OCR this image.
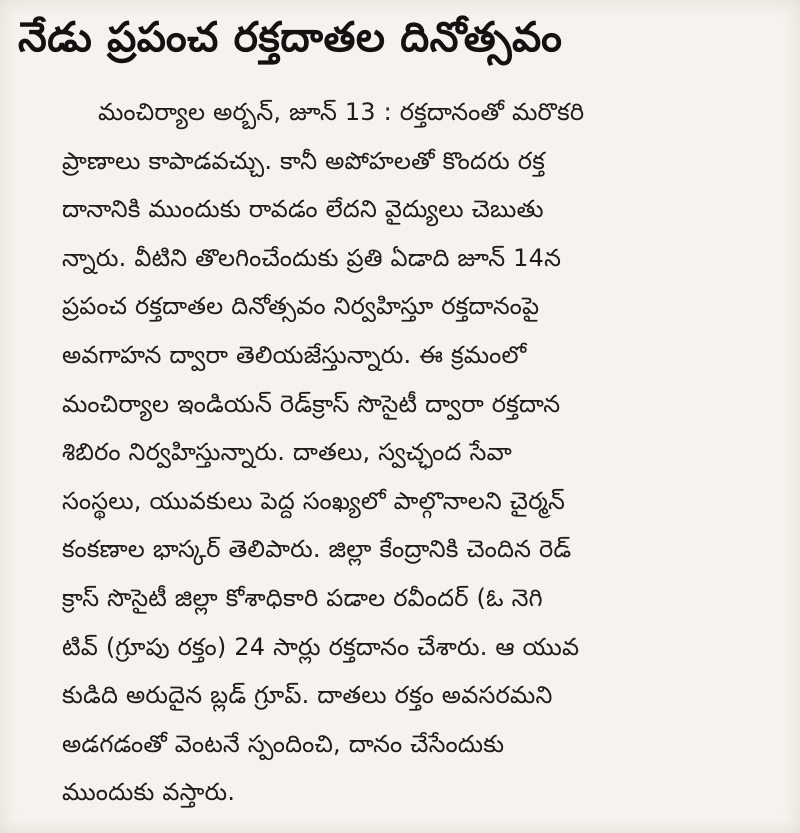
నేడు ప్రపంచ రక్తదాతల దినోత్సవం
మంచిర్యాల అర్బన్, జూన్ 13 : రక్తదానంతో మరొకరి
ప్రాణాలు కాపాడవచ్చు. కానీ అపోహలతో కొందరు రక్త
దానానికి ముందుకు రావడం లేదని వైద్యులు చెబుతు
న్నారు. వీటిని తొలగించేందుకు ప్రతి ఏడాది జూన్ 14న
ప్రపంచ రక్తదాతల దినోత్సవం నిర్వహిస్తూ రక్తదానంపై
అవగాహన ద్వారా తెలియజేస్తున్నారు. ఈ క్రమంలో
మంచిర్యాల ఇండియన్ రెడ్‌క్రాస్ సొసైటీ ద్వారా రక్తదాన
శిబిరం నిర్వహిస్తున్నారు. దాతలు, స్వచ్ఛంద సేవా
సంస్థలు, యువకులు పెద్ద సంఖ్యలో పాల్గొనాలని చైర్మన్
కంకణాల భాస్కర్ తెలిపారు. జిల్లా కేంద్రానికి చెందిన రెడ్
క్రాస్ సొసైటీ జిల్లా కోశాధికారి పడాల రవీందర్ (ఓ నెగి
టివ్ (గ్రూపు రక్తం) 24 సార్లు రక్తదానం చేశారు. ఆ యువ
కుడిది అరుదైన బ్లడ్ గ్రూప్. దాతలు రక్తం అవసరమని
అడగడంతో వెంటనే స్పందించి, దానం చేసేందుకు
ముందుకు వస్తారు.
